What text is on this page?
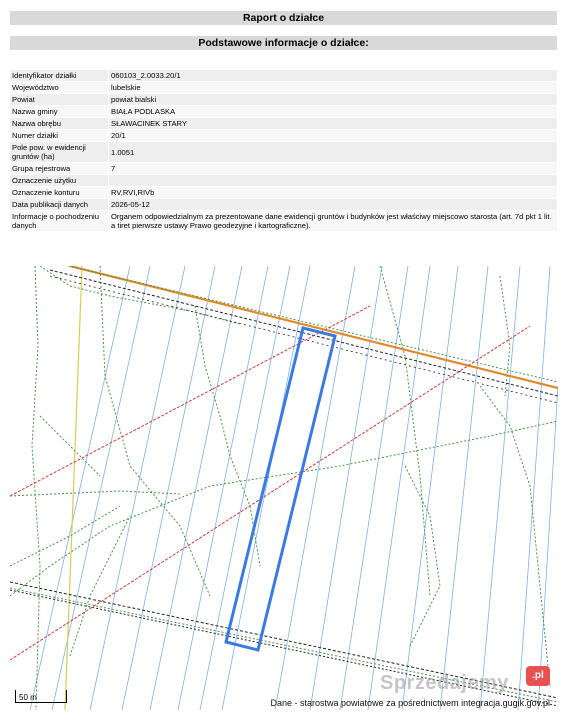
Raport o działce
Podstawowe informacje o działce:
Identyfikator działki	060103_2.0033.20/1
Województwo	lubelskie
Powiat	powiat bialski
Nazwa gminy	BIAŁA PODLASKA
Nazwa obrębu	SŁAWACINEK STARY
Numer działki	20/1
Pole pow. w ewidencji gruntów (ha)	1.0051
Grupa rejestrowa	7
Oznaczenie użytku	
Oznaczenie konturu	RV,RVI,RIVb
Data publikacji danych	2026-05-12
Informacje o pochodzeniu danych	Organem odpowiedzialnym za prezentowane dane ewidencji gruntów i budynków jest właściwy miejscowo starosta (art. 7d pkt 1 lit. a tiret pierwsze ustawy Prawo geodezyjne i kartograficzne).
50 m
Sprzedajemy	.pl
Dane - starostwa powiatowe za pośrednictwem integracja.gugik.gov.pl
